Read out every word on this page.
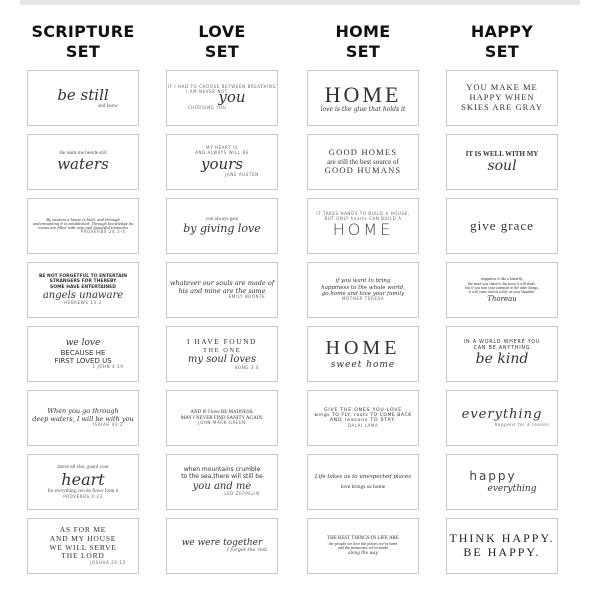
SCRIPTURE
SET
be still
and know
He leads me beside still
waters
By wisdom a house is built, and through
understanding it is established; Through knowledge its
rooms are filled with rare and beautiful treasures
PROVERBS 24:3-4
BE NOT FORGETFUL TO ENTERTAIN
STRANGERS FOR THEREBY
SOME HAVE ENTERTAINED
angels unaware
HEBREWS 13:2
we love
BECAUSE HE
FIRST LOVED US
1 JOHN 4:19
When you go through
deep waters, I will be with you
ISAIAH 43:2
above all else, guard your
heart
for everything you do flows from it
PROVERBS 4:23
AS FOR ME
AND MY HOUSE
WE WILL SERVE
THE LORD
JOSHUA 24:15
LOVE
SET
IF I HAD TO CHOOSE BETWEEN BREATHING
I AM NEVER NOT
you
CHOOSING YOU
MY HEART IS
AND ALWAYS WILL BE
yours
JANE AUSTEN
you always gain
by giving love
whatever our souls are made of
his and mine are the same
EMILY BRONTE
I HAVE FOUND
THE ONE
my soul loves
SONG 3:4
AND IF I love BE MADNESS,
MAY I NEVER FIND SANITY AGAIN.
JOHN MARK GREEN
when mountains crumble
to the sea,there will still be
you and me
LED ZEPPELIN
we were together
I forget the rest
HOME
SET
HOME
love is the glue that holds it
GOOD HOMES
are still the best source of
GOOD HUMANS
IT TAKES HANDS TO BUILD A HOUSE,
BUT ONLY hearts CAN BUILD A
HOME
if you want to bring
happiness to the whole world,
go home and love your family
MOTHER TERESA
HOME
sweet home
GIVE THE ONES YOU LOVE
wings TO FLY, roots TO COME BACK
AND reasons TO STAY.
DALAI LAMA
Life takes us to unexpected places
love brings us home
THE BEST THINGS IN LIFE ARE
the people we love the places we've been
and the memories we've made
along the way
HAPPY
SET
YOU MAKE ME
HAPPY WHEN
SKIES ARE GRAY
IT IS WELL WITH MY
soul
give grace
happiness is like a butterfly
the more you chase it, the more it will elude,
but if you turn your attention to the other things,
it will come and sit softly on your shoulder.
Thoreau
IN A WORLD WHERE YOU
CAN BE ANYTHING
be kind
everything
happens for a reason
happy
everything
THINK HAPPY.
BE HAPPY.
